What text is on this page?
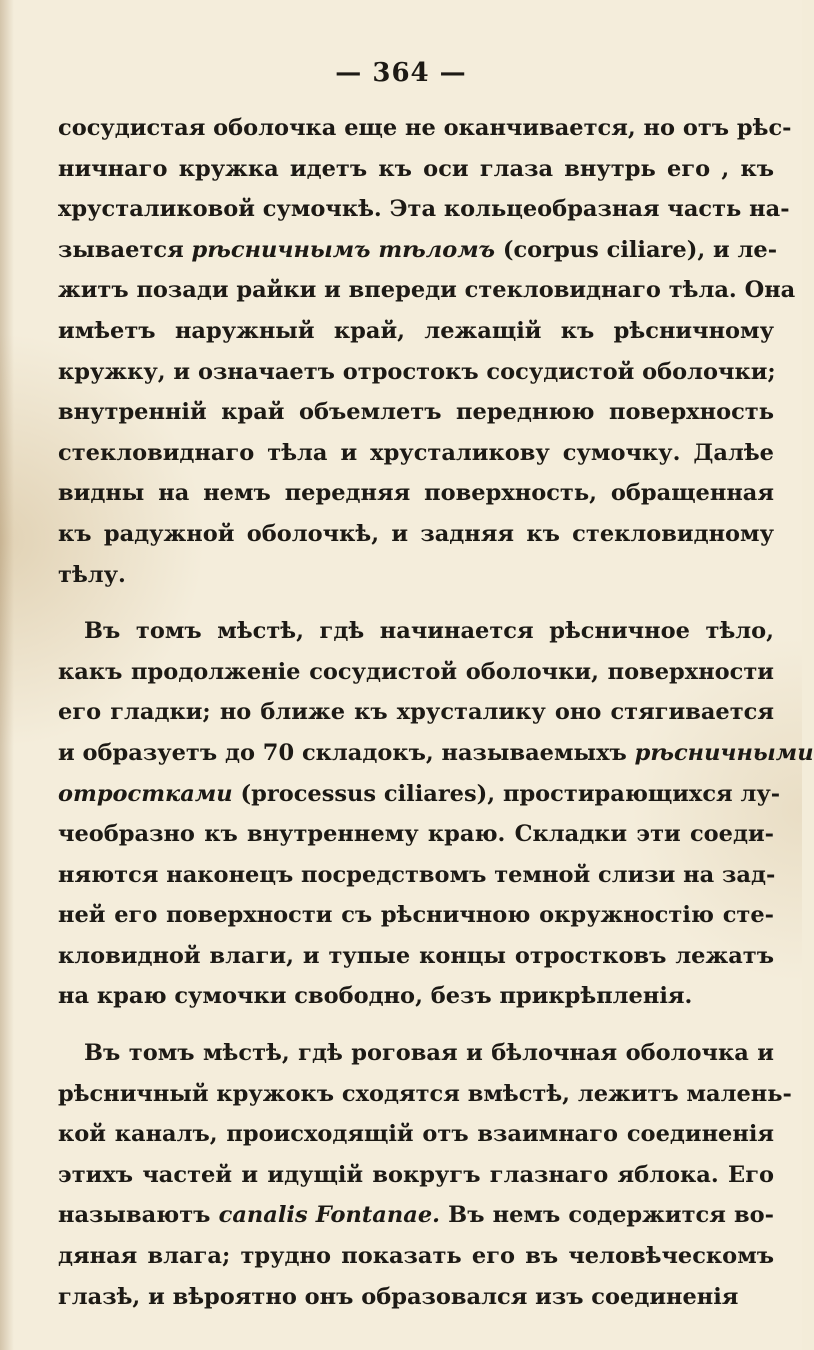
— 364 —
сосудистая оболочка еще не оканчивается, но отъ рѣс-
ничнаго кружка идетъ къ оси глаза внутрь его , къ
хрусталиковой сумочкѣ. Эта кольцеобразная часть на-
зывается рѣсничнымъ тѣломъ (corpus ciliare), и ле-
житъ позади райки и впереди стекловиднаго тѣла. Она
имѣетъ наружный край, лежащій къ рѣсничному
кружку, и означаетъ отростокъ сосудистой оболочки;
внутренній край объемлетъ переднюю поверхность
стекловиднаго тѣла и хрусталикову сумочку. Далѣе
видны на немъ передняя поверхность, обращенная
къ радужной оболочкѣ, и задняя къ стекловидному
тѣлу.
Въ томъ мѣстѣ, гдѣ начинается рѣсничное тѣло,
какъ продолженіе сосудистой оболочки, поверхности
его гладки; но ближе къ хрусталику оно стягивается
и образуетъ до 70 складокъ, называемыхъ рѣсничными
отростками (processus ciliares), простирающихся лу-
чеобразно къ внутреннему краю. Складки эти соеди-
няются наконецъ посредствомъ темной слизи на зад-
ней его поверхности съ рѣсничною окружностію сте-
кловидной влаги, и тупые концы отростковъ лежатъ
на краю сумочки свободно, безъ прикрѣпленія.
Въ томъ мѣстѣ, гдѣ роговая и бѣлочная оболочка и
рѣсничный кружокъ сходятся вмѣстѣ, лежитъ малень-
кой каналъ, происходящій отъ взаимнаго соединенія
этихъ частей и идущій вокругъ глазнаго яблока. Его
называютъ canalis Fontanae. Въ немъ содержится во-
дяная влага; трудно показать его въ человѣческомъ
глазѣ, и вѣроятно онъ образовался изъ соединенія
